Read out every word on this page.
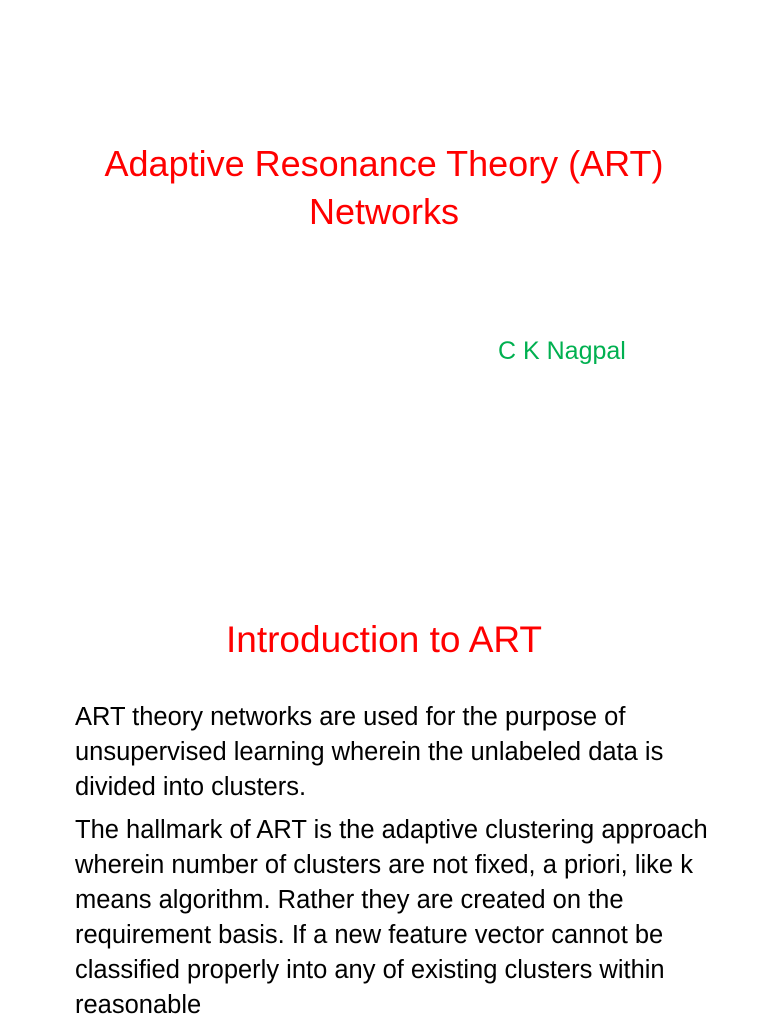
Adaptive Resonance Theory (ART) Networks
C K Nagpal
Introduction to ART

ART theory networks are used for the purpose of unsupervised learning wherein the unlabeled data is divided into clusters.

The hallmark of ART is the adaptive clustering approach wherein number of clusters are not fixed, a priori, like k means algorithm. Rather they are created on the requirement basis. If a new feature vector cannot be classified properly into any of existing clusters within reasonable
